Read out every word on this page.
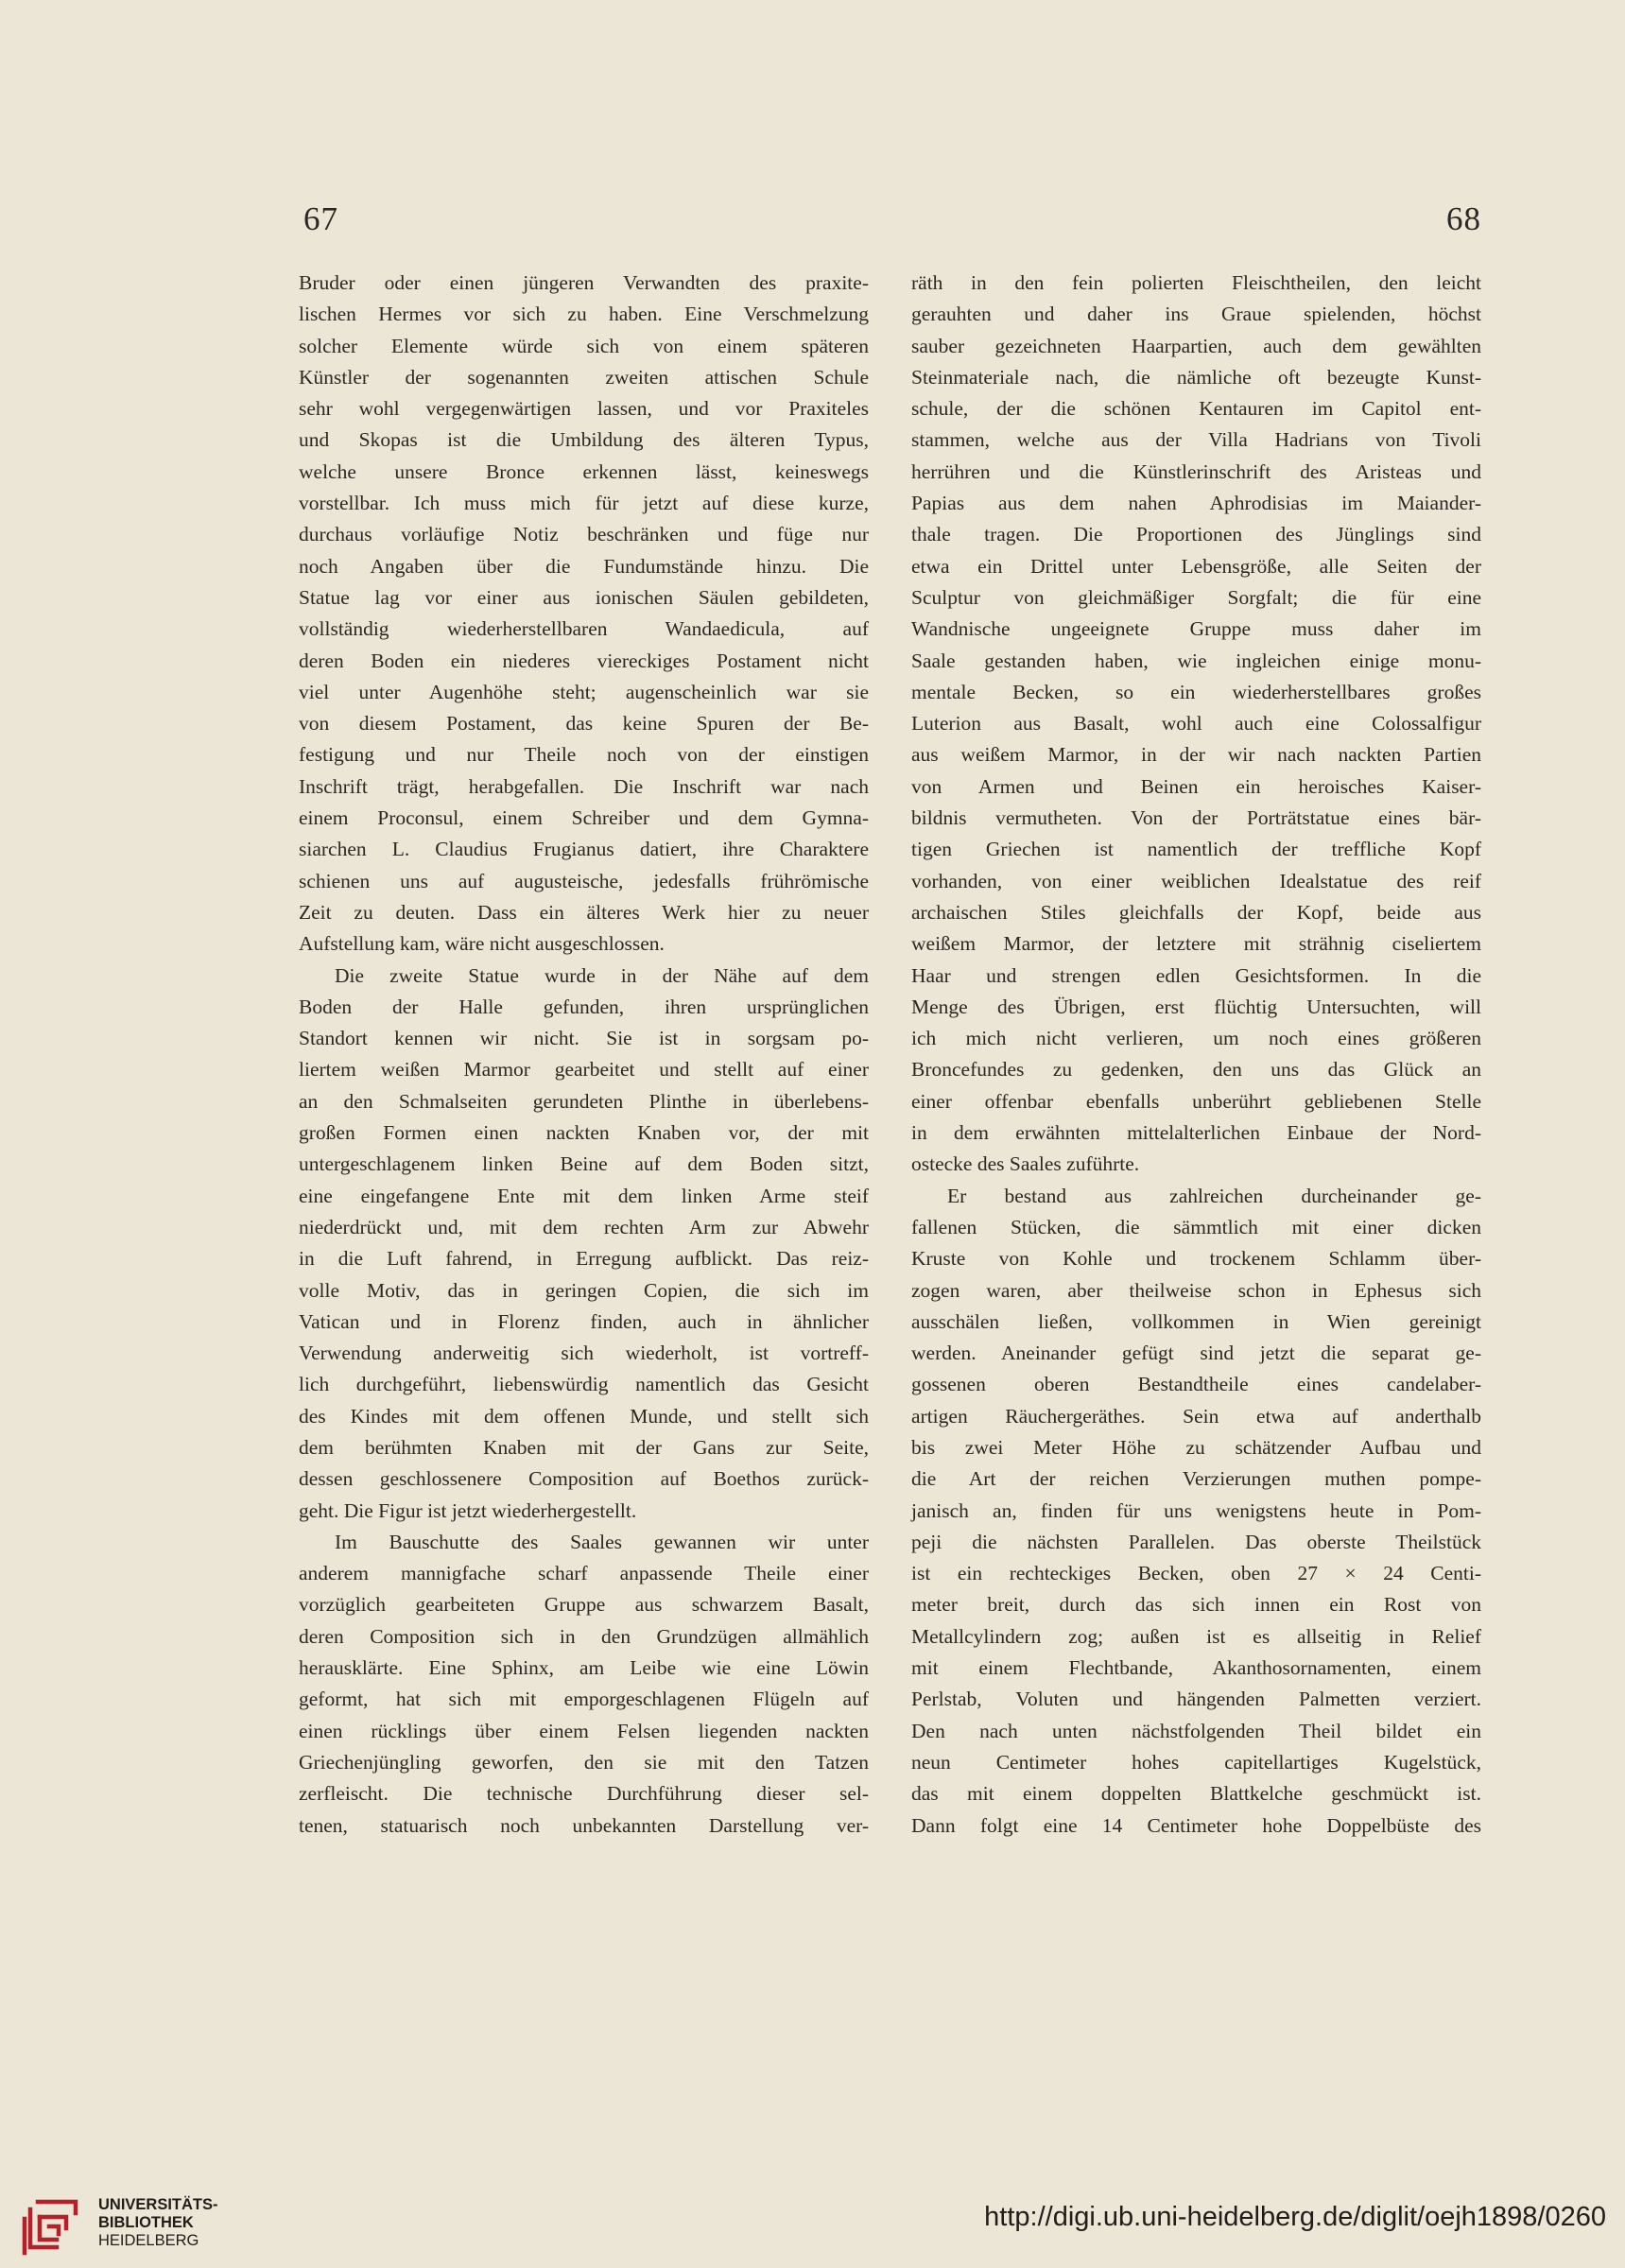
67	68
Bruder oder einen jüngeren Verwandten des praxite-
lischen Hermes vor sich zu haben. Eine Verschmelzung
solcher Elemente würde sich von einem späteren
Künstler der sogenannten zweiten attischen Schule
sehr wohl vergegenwärtigen lassen, und vor Praxiteles
und Skopas ist die Umbildung des älteren Typus,
welche unsere Bronce erkennen lässt, keineswegs
vorstellbar. Ich muss mich für jetzt auf diese kurze,
durchaus vorläufige Notiz beschränken und füge nur
noch Angaben über die Fundumstände hinzu. Die
Statue lag vor einer aus ionischen Säulen gebildeten,
vollständig wiederherstellbaren Wandaedicula, auf
deren Boden ein niederes viereckiges Postament nicht
viel unter Augenhöhe steht; augenscheinlich war sie
von diesem Postament, das keine Spuren der Be-
festigung und nur Theile noch von der einstigen
Inschrift trägt, herabgefallen. Die Inschrift war nach
einem Proconsul, einem Schreiber und dem Gymna-
siarchen L. Claudius Frugianus datiert, ihre Charaktere
schienen uns auf augusteische, jedesfalls frührömische
Zeit zu deuten. Dass ein älteres Werk hier zu neuer
Aufstellung kam, wäre nicht ausgeschlossen.
Die zweite Statue wurde in der Nähe auf dem
Boden der Halle gefunden, ihren ursprünglichen
Standort kennen wir nicht. Sie ist in sorgsam po-
liertem weißen Marmor gearbeitet und stellt auf einer
an den Schmalseiten gerundeten Plinthe in überlebens-
großen Formen einen nackten Knaben vor, der mit
untergeschlagenem linken Beine auf dem Boden sitzt,
eine eingefangene Ente mit dem linken Arme steif
niederdrückt und, mit dem rechten Arm zur Abwehr
in die Luft fahrend, in Erregung aufblickt. Das reiz-
volle Motiv, das in geringen Copien, die sich im
Vatican und in Florenz finden, auch in ähnlicher
Verwendung anderweitig sich wiederholt, ist vortreff-
lich durchgeführt, liebenswürdig namentlich das Gesicht
des Kindes mit dem offenen Munde, und stellt sich
dem berühmten Knaben mit der Gans zur Seite,
dessen geschlossenere Composition auf Boethos zurück-
geht. Die Figur ist jetzt wiederhergestellt.
Im Bauschutte des Saales gewannen wir unter
anderem mannigfache scharf anpassende Theile einer
vorzüglich gearbeiteten Gruppe aus schwarzem Basalt,
deren Composition sich in den Grundzügen allmählich
herausklärte. Eine Sphinx, am Leibe wie eine Löwin
geformt, hat sich mit emporgeschlagenen Flügeln auf
einen rücklings über einem Felsen liegenden nackten
Griechenjüngling geworfen, den sie mit den Tatzen
zerfleischt. Die technische Durchführung dieser sel-
tenen, statuarisch noch unbekannten Darstellung ver-
räth in den fein polierten Fleischtheilen, den leicht
gerauhten und daher ins Graue spielenden, höchst
sauber gezeichneten Haarpartien, auch dem gewählten
Steinmateriale nach, die nämliche oft bezeugte Kunst-
schule, der die schönen Kentauren im Capitol ent-
stammen, welche aus der Villa Hadrians von Tivoli
herrühren und die Künstlerinschrift des Aristeas und
Papias aus dem nahen Aphrodisias im Maiander-
thale tragen. Die Proportionen des Jünglings sind
etwa ein Drittel unter Lebensgröße, alle Seiten der
Sculptur von gleichmäßiger Sorgfalt; die für eine
Wandnische ungeeignete Gruppe muss daher im
Saale gestanden haben, wie ingleichen einige monu-
mentale Becken, so ein wiederherstellbares großes
Luterion aus Basalt, wohl auch eine Colossalfigur
aus weißem Marmor, in der wir nach nackten Partien
von Armen und Beinen ein heroisches Kaiser-
bildnis vermutheten. Von der Porträtstatue eines bär-
tigen Griechen ist namentlich der treffliche Kopf
vorhanden, von einer weiblichen Idealstatue des reif
archaischen Stiles gleichfalls der Kopf, beide aus
weißem Marmor, der letztere mit strähnig ciseliertem
Haar und strengen edlen Gesichtsformen. In die
Menge des Übrigen, erst flüchtig Untersuchten, will
ich mich nicht verlieren, um noch eines größeren
Broncefundes zu gedenken, den uns das Glück an
einer offenbar ebenfalls unberührt gebliebenen Stelle
in dem erwähnten mittelalterlichen Einbaue der Nord-
ostecke des Saales zuführte.
Er bestand aus zahlreichen durcheinander ge-
fallenen Stücken, die sämmtlich mit einer dicken
Kruste von Kohle und trockenem Schlamm über-
zogen waren, aber theilweise schon in Ephesus sich
ausschälen ließen, vollkommen in Wien gereinigt
werden. Aneinander gefügt sind jetzt die separat ge-
gossenen oberen Bestandtheile eines candelaber-
artigen Räuchergeräthes. Sein etwa auf anderthalb
bis zwei Meter Höhe zu schätzender Aufbau und
die Art der reichen Verzierungen muthen pompe-
janisch an, finden für uns wenigstens heute in Pom-
peji die nächsten Parallelen. Das oberste Theilstück
ist ein rechteckiges Becken, oben 27 × 24 Centi-
meter breit, durch das sich innen ein Rost von
Metallcylindern zog; außen ist es allseitig in Relief
mit einem Flechtbande, Akanthosornamenten, einem
Perlstab, Voluten und hängenden Palmetten verziert.
Den nach unten nächstfolgenden Theil bildet ein
neun Centimeter hohes capitellartiges Kugelstück,
das mit einem doppelten Blattkelche geschmückt ist.
Dann folgt eine 14 Centimeter hohe Doppelbüste des
UNIVERSITÄTS-
BIBLIOTHEK
HEIDELBERG
http://digi.ub.uni-heidelberg.de/diglit/oejh1898/0260
